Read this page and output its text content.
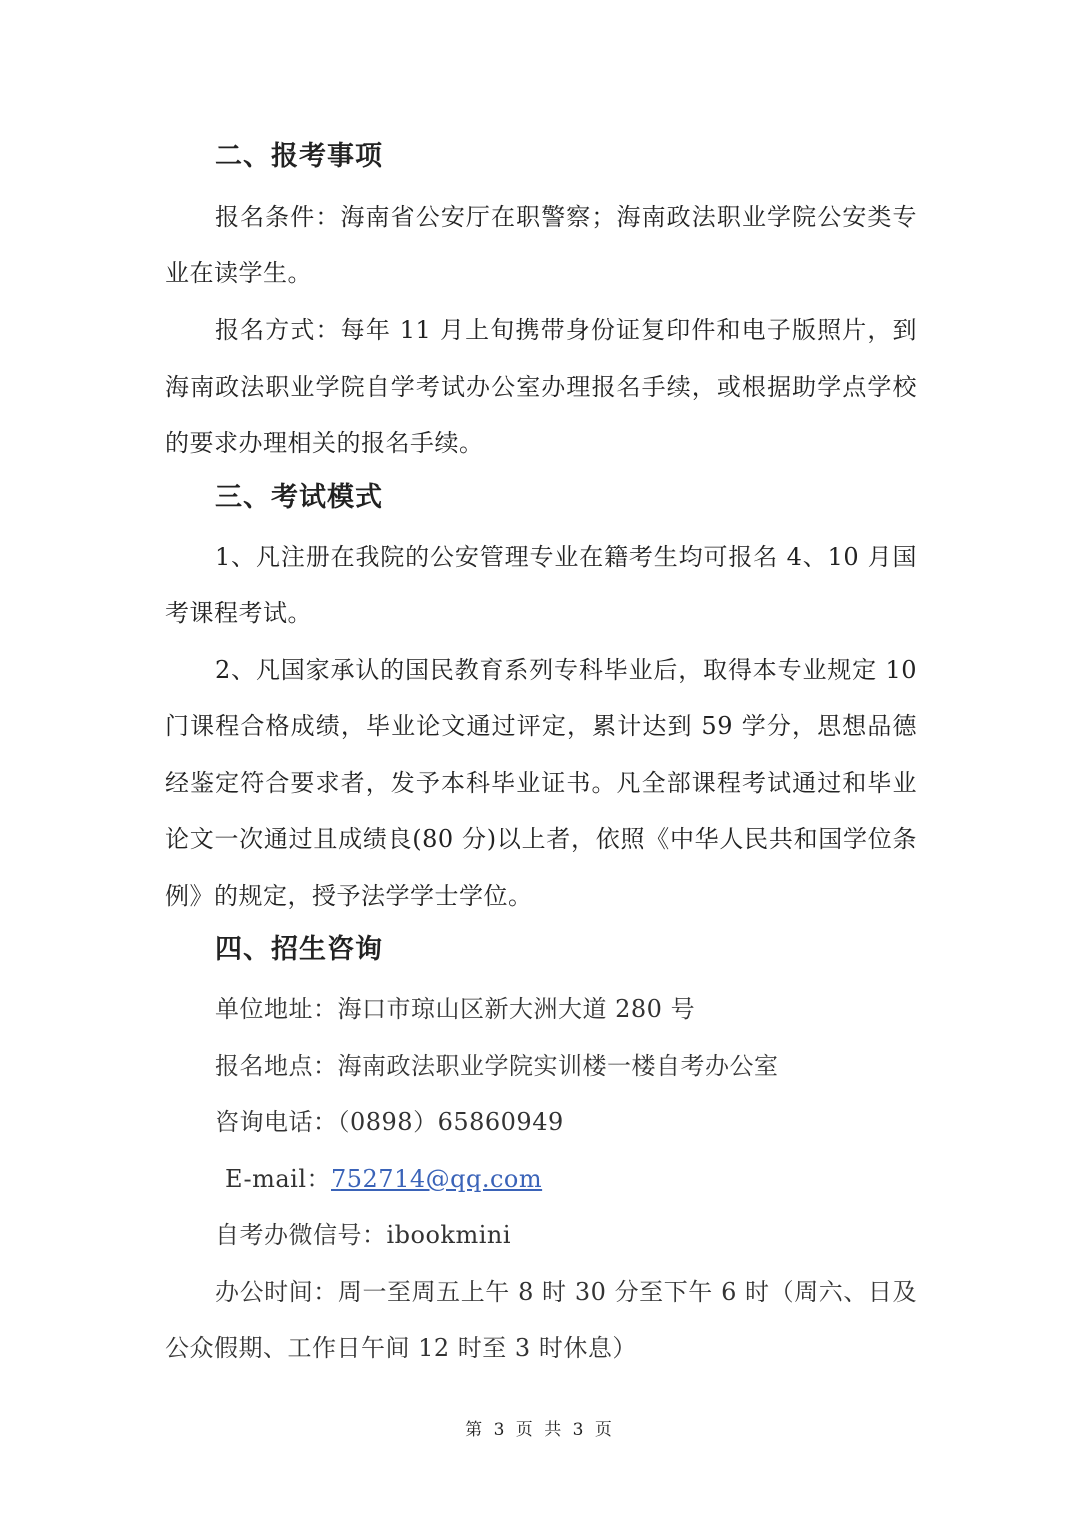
二、报考事项
报名条件：海南省公安厅在职警察；海南政法职业学院公安类专
业在读学生。
报名方式：每年 11 月上旬携带身份证复印件和电子版照片，到
海南政法职业学院自学考试办公室办理报名手续，或根据助学点学校
的要求办理相关的报名手续。
三、考试模式
1、凡注册在我院的公安管理专业在籍考生均可报名 4、10 月国
考课程考试。
2、凡国家承认的国民教育系列专科毕业后，取得本专业规定 10
门课程合格成绩，毕业论文通过评定，累计达到 59 学分，思想品德
经鉴定符合要求者，发予本科毕业证书。凡全部课程考试通过和毕业
论文一次通过且成绩良(80 分)以上者，依照《中华人民共和国学位条
例》的规定，授予法学学士学位。
四、招生咨询
单位地址：海口市琼山区新大洲大道 280 号
报名地点：海南政法职业学院实训楼一楼自考办公室
咨询电话：（0898）65860949
E-mail：752714@qq.com
自考办微信号：ibookmini
办公时间：周一至周五上午 8 时 30 分至下午 6 时（周六、日及
公众假期、工作日午间 12 时至 3 时休息）
第 3 页 共 3 页
